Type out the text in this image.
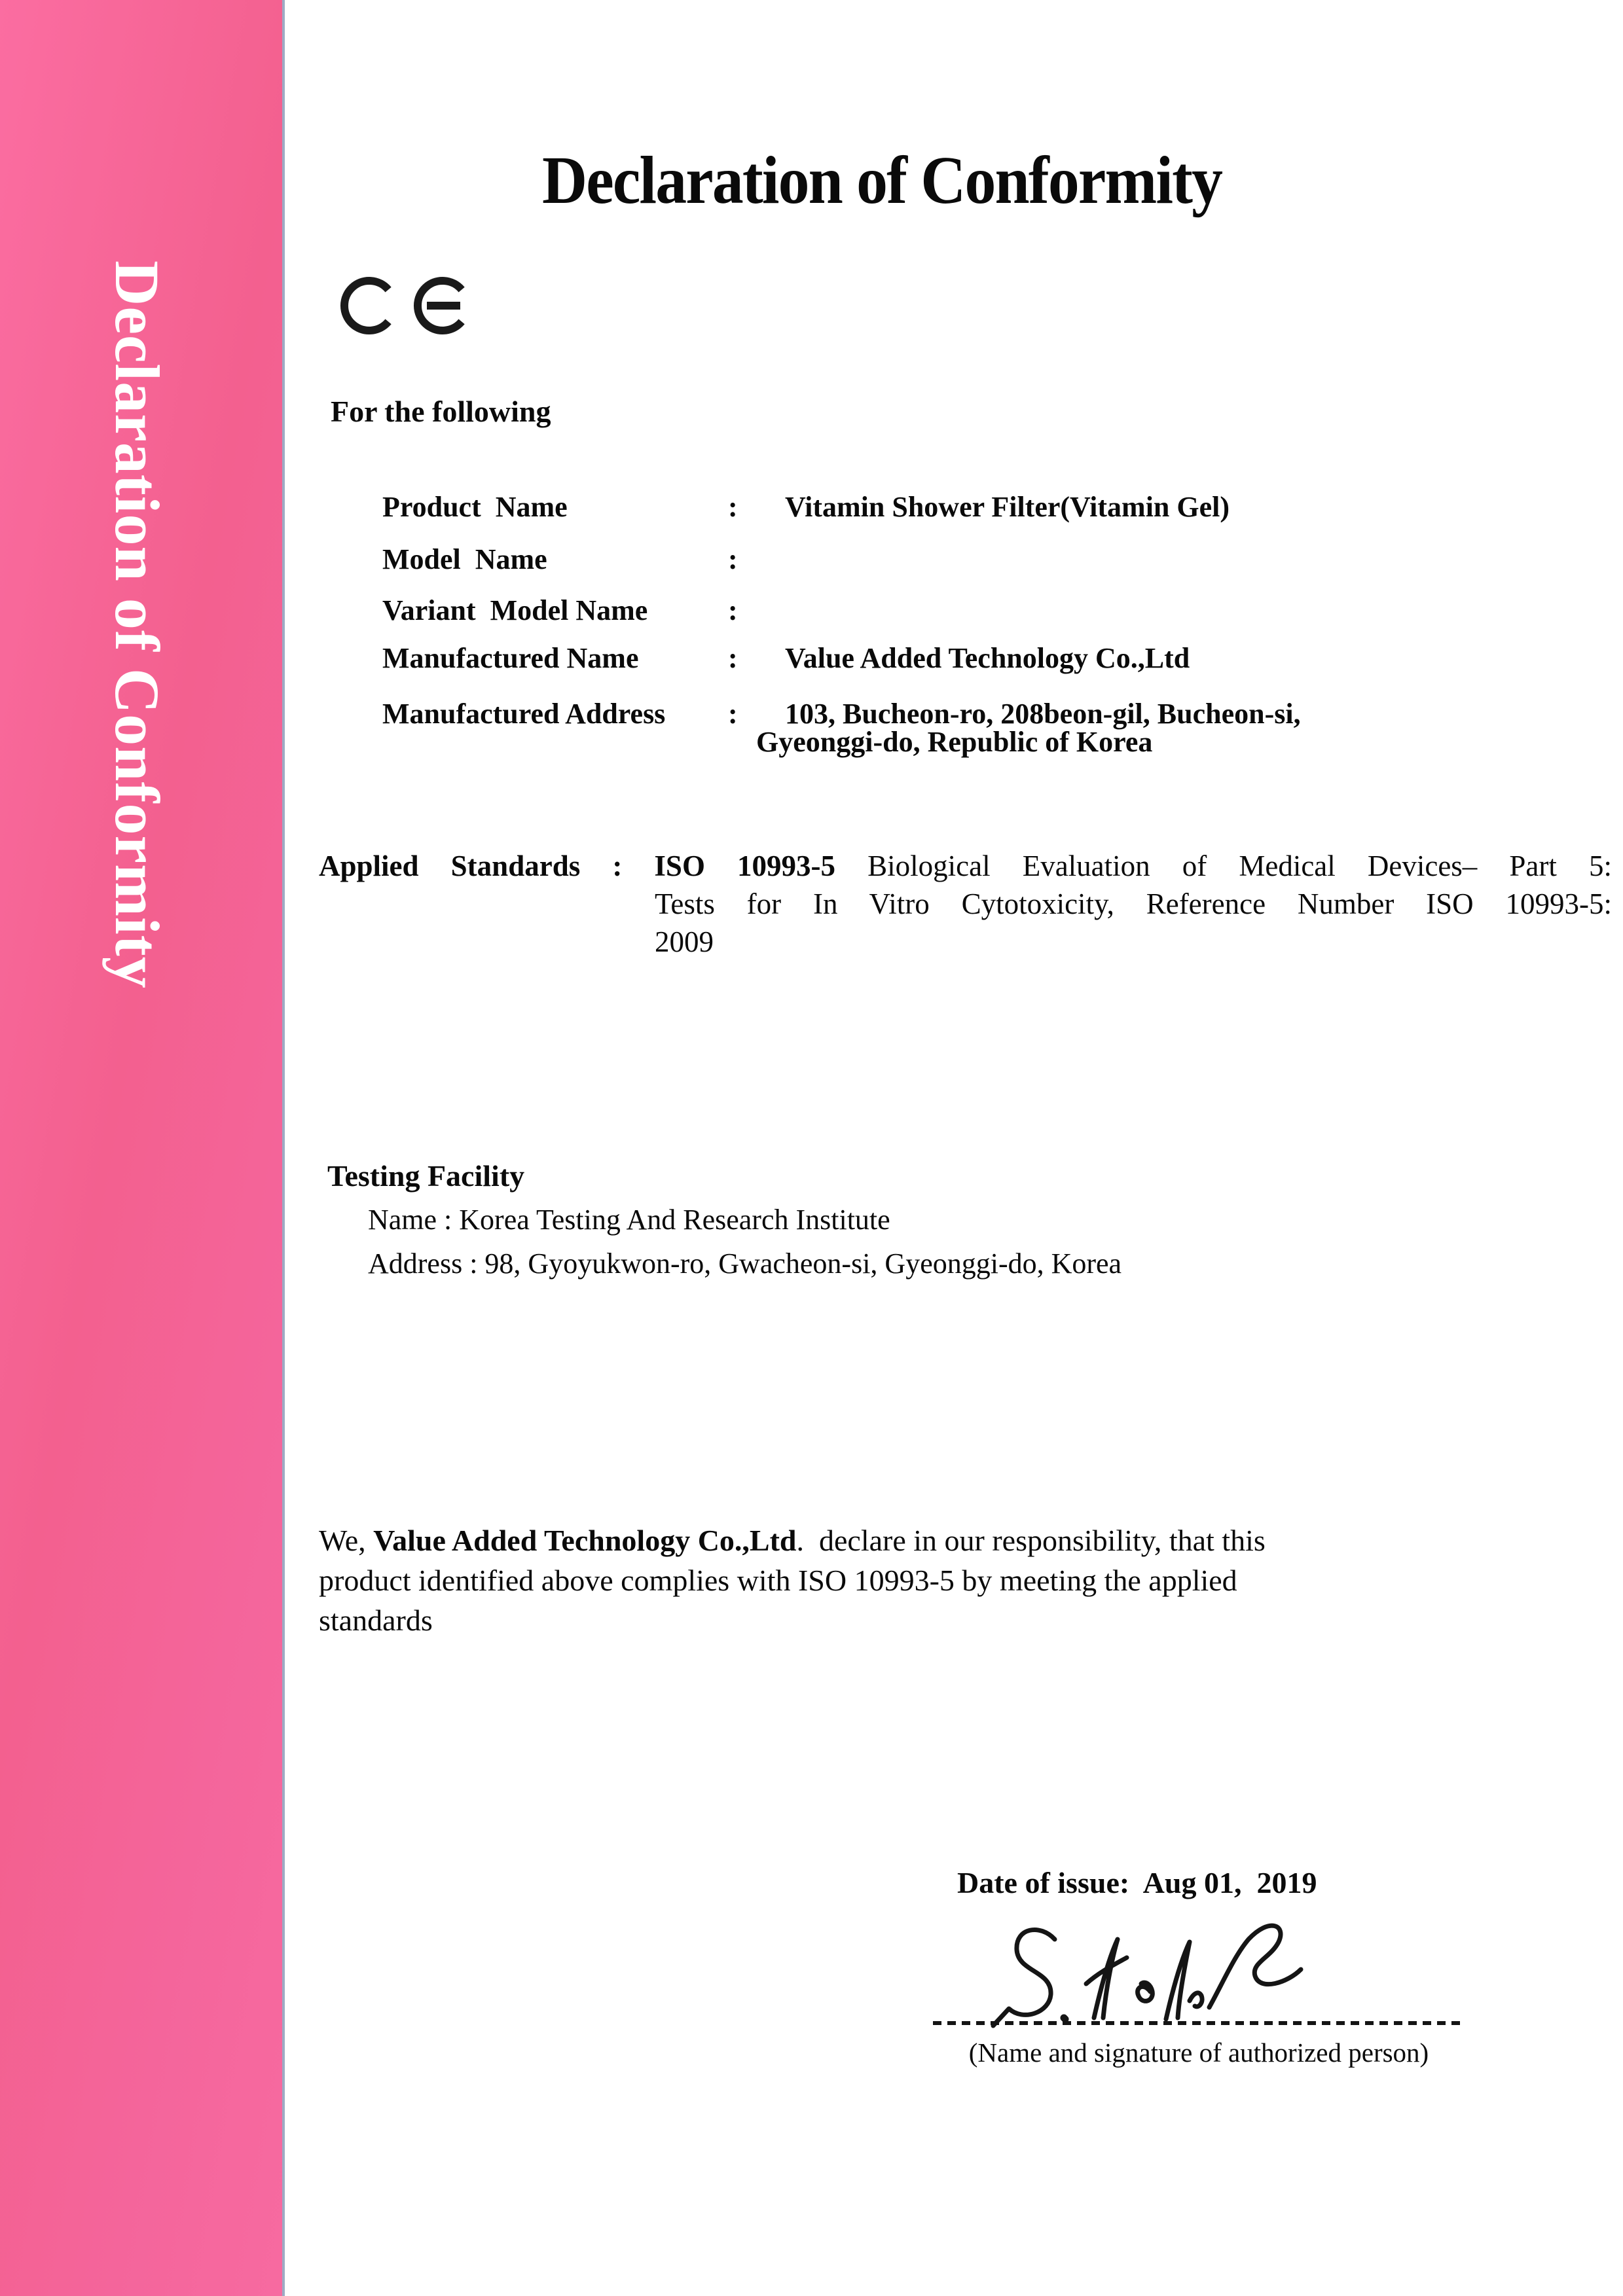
Declaration of Conformity
Declaration of Conformity
For the following

Product  Name	: Vitamin Shower Filter(Vitamin Gel)

Model  Name	:

Variant  Model Name	:

Manufactured Name	: Value Added Technology Co.,Ltd

Manufactured Address : 103, Bucheon-ro, 208beon-gil, Bucheon-si,

Gyeonggi-do, Republic of Korea
Applied Standards : ISO 10993-5 Biological Evaluation of Medical Devices– Part 5:
Tests for In Vitro Cytotoxicity, Reference Number ISO 10993-5:
2009
Testing Facility
Name : Korea Testing And Research Institute
Address : 98, Gyoyukwon-ro, Gwacheon-si, Gyeonggi-do, Korea
We, Value Added Technology Co.,Ltd.  declare in our responsibility, that this
product identified above complies with ISO 10993-5 by meeting the applied
standards
Date of issue:  Aug 01,  2019
(Name and signature of authorized person)
